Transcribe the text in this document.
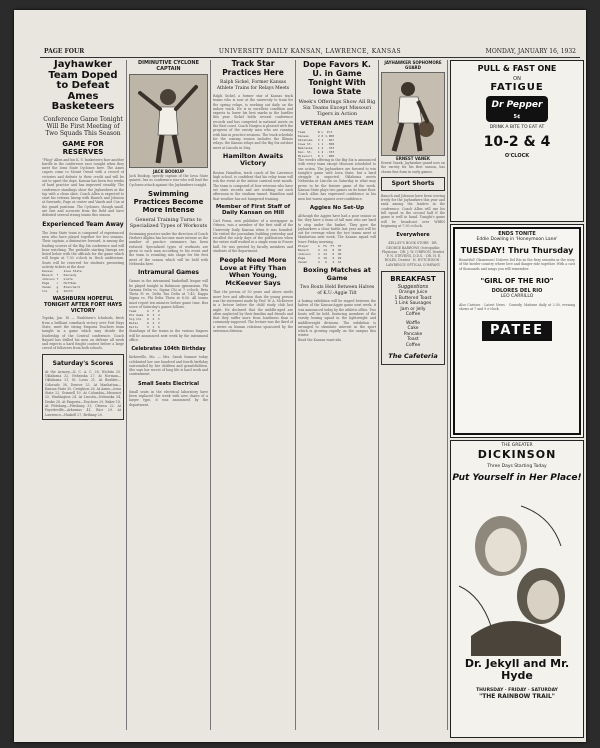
PAGE FOUR	UNIVERSITY DAILY KANSAN, LAWRENCE, KANSAS	MONDAY, JANUARY 16, 1932
Jayhawker Team Doped to Defeat Ames Basketeers
Conference Game Tonight Will Be First Meeting of Two Squads This Season
GAME FOR RESERVES

"Phog" Allen and his K. U. basketeers face another hurdle in the conference race tonight when they meet the Iowa State Cyclones here. The Ames cagers come to Mount Oread with a record of victories and defeats to their credit and will be out to upset the dope. Kansas has been two weeks of hard practice and has improved steadily. The conference standings show the Jayhawkers at the top with a clean slate. Coach Allen is expected to start his veteran lineup with Bausch and Johnson at forwards, Page at center and Vanek and Cox at the guard positions. The Cyclones, though small, are fast and accurate from the field and have defeated several strong teams this season.

Experienced Team Away

The Iowa State team is composed of experienced men who have played together for two seasons. Their captain, a diminutive forward, is among the leading scorers of the Big Six conference and will bear watching. The probable starting lineups are listed below with the officials for the game which will begin at 7:30 o'clock in Hoch auditorium. Seats will be reserved for students presenting activity tickets at the door.

Kansas      Iowa State
Bausch  f   Kennedy
Johnson f   Grefe
Page    c   Hoffman
Vanek   g   Blanchard
Cox     g   Smith
WASHBURN HOPEFUL TONIGHT AFTER FORT HAYS VICTORY

Topeka, Jan. 16 — Washburn's Ichabods, fresh from a brilliant comeback victory over Fort Hays State, meet the strong Emporia Teachers team tonight in a game which may decide the leadership of the Central conference. Coach Bayard has drilled his men on defense all week and expects a hard fought contest before a large crowd of followers from both schools.

Saturday's Scores

At the Armory—K. C. A. C. 28, Wichita 20. Oklahoma 32, Nebraska 27. At Norman—Oklahoma 31, St. Louis 21. At Boulder—Colorado 38, Denver 25. At Manhattan—Kansas State 30, Creighton 26. At Ames—Iowa State 22, Grinnell 19. At Columbia—Missouri 25, Washington 24. At Lincoln—Nebraska 34, Drake 28. At Emporia—Teachers 29, Baker 18. At Pittsburg—Pittsburg 33, Ottawa 22. At Fayetteville—Arkansas 41, Rice 29. At Lawrence—Haskell 27, Bethany 20.

DIMINUTIVE CYCLONE CAPTAIN
JACK BOOKUP

Jack Bookup, speedy captain of the Iowa State quintet, lies as conference star who will lead the Cyclones attack against the Jayhawkers tonight.

Swimming Practices Become More Intense
General Training Turns to Specialized Types of Workouts

Swimming practice under the direction of Coach Herbert Allphin has become more intense as the number of practice swimmers has been reduced. Specialized types of workouts are given to each man according to his event and the team is rounding into shape for the first meet of the season which will be held with Nebraska here.

Intramural Games

Games in the intramural basketball league will be played tonight in Robinson gymnasium. Phi Gamma Delta vs. Sigma Chi at 7 o'clock; Beta Theta Pi vs. Delta Tau Delta at 7:45; Kappa Sigma vs. Phi Delta Theta at 8:30. All teams must report ten minutes before game time. Box score of Saturday's games follows.

Team      G  F  P
Phi Gams  8  3  4
Sig Chi   6  2  5
Betas     9  4  3
Delts     5  1  6

Standings of the teams in the various leagues will be announced next week by the intramural office.

Celebrates 104th Birthday

Kirkesville, Mo. — Mrs. Sarah Sumner today celebrated her one hundred and fourth birthday surrounded by her children and grandchildren. She says her secret of long life is hard work and contentment.

Small Seats Electrical

Small seats in the electrical laboratory have been replaced this week with new chairs of a larger type, it was announced by the department.

Track Star Practices Here
Ralph Sickel, Former Kansas Athlete Trains for Relays Meets

Ralph Sickel, a former star of Kansas track teams who is now at the university to train for the spring relays, is working out daily on the indoor track. He is in excellent condition and expects to lower his best marks in the hurdles this year. Sickel holds several conference records and has competed in national meets on the East coast. Coach Hargiss is pleased with the progress of the varsity men who are running with him in practice sessions. The track schedule for the coming season includes the Illinois relays, the Kansas relays and the Big Six outdoor meet at Lincoln in May.

Hamilton Awaits Victory

Boston Hamilton, track coach of the Lawrence high school, is confident that his relay team will win the event at the indoor carnival next month. The team is composed of four veterans who have set state records and are working out each afternoon in the stadium tunnel. Hamilton said that weather has not hampered training.

Member of First Staff of Daily Kansan on Hill

Carl Feuss, now publisher of a newspaper in Ottawa, was a member of the first staff of the University Daily Kansan when it was founded. He visited the journalism building yesterday and recalled the early days of the publication when the entire staff worked in a single room in Fraser hall. He was greeted by faculty members and students of the department.

People Need More Love at Fifty Than When Young, McKeever Says

That the person of 50 years and above needs more love and affection than the young person was the statement made by Prof. W. A. McKeever in a lecture before the child study club last night. He declared that the middle-aged are often neglected by their families and friends and that they suffer more from loneliness than is commonly supposed. The lecture was the third of a series on human relations sponsored by the extension division.

Dope Favors K. U. in Game Tonight With Iowa State
Week's Offerings Show All Big Six Teams Except Missouri Tigers in Action
VETERAN AMES TEAM
Team       W L  Pct
Kansas     2 0 1.000
Oklahoma   2 1  .667
Iowa St.   1 1  .500
Nebraska   1 2  .333
Kan. St.   1 2  .333
Missouri   0 1  .000

The week's offering in the Big Six is announced with every team except Missouri scheduled to see action. The Jayhawkers are favored to win tonight's game with Iowa State, but a hard struggle is expected. Oklahoma meets Nebraska at Lincoln on Saturday in what may prove to be the feature game of the week. Kansas State plays two games on its home floor. Coach Allen has expressed confidence in his men but warns against over-confidence.

Aggies No Set-Up

Although the Aggies have had a poor season so far, they have a team of tall men who are hard to stop under the basket. They gave the Jayhawkers a close battle last year and will be out for revenge when the two teams meet at Manhattan next week. The Kansas squad will leave Friday morning.

Player     G  FG  FT  TP
Bausch     4  14   8  36
Johnson    4  12   6  30
Page       4  10   9  29
Vanek      4   6   4  16
Boxing Matches at Game
Two Bouts Held Between Halves of K.U.-Aggie Tilt

A boxing exhibition will be staged between the halves of the Kansas-Aggie game next week, it was announced today by the athletic office. Two bouts will be held, featuring members of the varsity boxing squad in the lightweight and middleweight divisions. The exhibition is arranged to stimulate interest in the sport which is growing rapidly on the campus this winter.

Read the Kansan want-ads.

JAYHAWKER SOPHOMORE GUARD
ERNEST VANEK

Ernest Vanek, Jayhawker guard now on the varsity for his first season, has shown fine form in early games.

Sport Shorts

Bausch and Johnson have been scoring freely for the Jayhawkers this year and rank among the leaders in the conference. Coach Allen will use his full squad in the second half if the game is well in hand. Tonight's game will be broadcast over WREN beginning at 7:30 o'clock.

Everywhere

KELLEY'S BOOK STORE · DR. GEORGE BARROWS Osteopathic Physician · DR. J. W. O'BRYON, Dentist · P. N. STEVENS, D.D.S. · DR. H. E. ROLES, Dentist · H. HUTCHISON · LAWRENCE OPTICAL COMPANY

BREAKFAST
Suggestions
Orange Juice
1 Buttered Toast
1 Link Sausages
Jam or Jelly
Coffee
Waffle
Cake
Pancake
Toast
Coffee
The Cafeteria
PULL & FAST ONE
ON
FATIGUE
Dr Pepper
5¢
DRINK A BITE TO EAT AT
10-2 & 4
O'CLOCK
ENDS TONITE
Eddie Dowling in 'Honeymoon Lane'
TUESDAY! Thru Thursday

Beautiful! Glamorous! Dolores Del Rio as the fiery senorita in the story of the border country where love and danger ride together. With a cast of thousands and songs you will remember.

"GIRL OF THE RIO"
DOLORES DEL RIO
LEO CARRILLO

Also Cartoon · Latest News · Comedy. Matinee daily at 2:30, evening shows at 7 and 9 o'clock.

PATEE
THE GREATER
DICKINSON
Three Days Starting Today
Put Yourself in Her Place!
Dr. Jekyll and Mr. Hyde
THURSDAY · FRIDAY · SATURDAY
"THE RAINBOW TRAIL"
